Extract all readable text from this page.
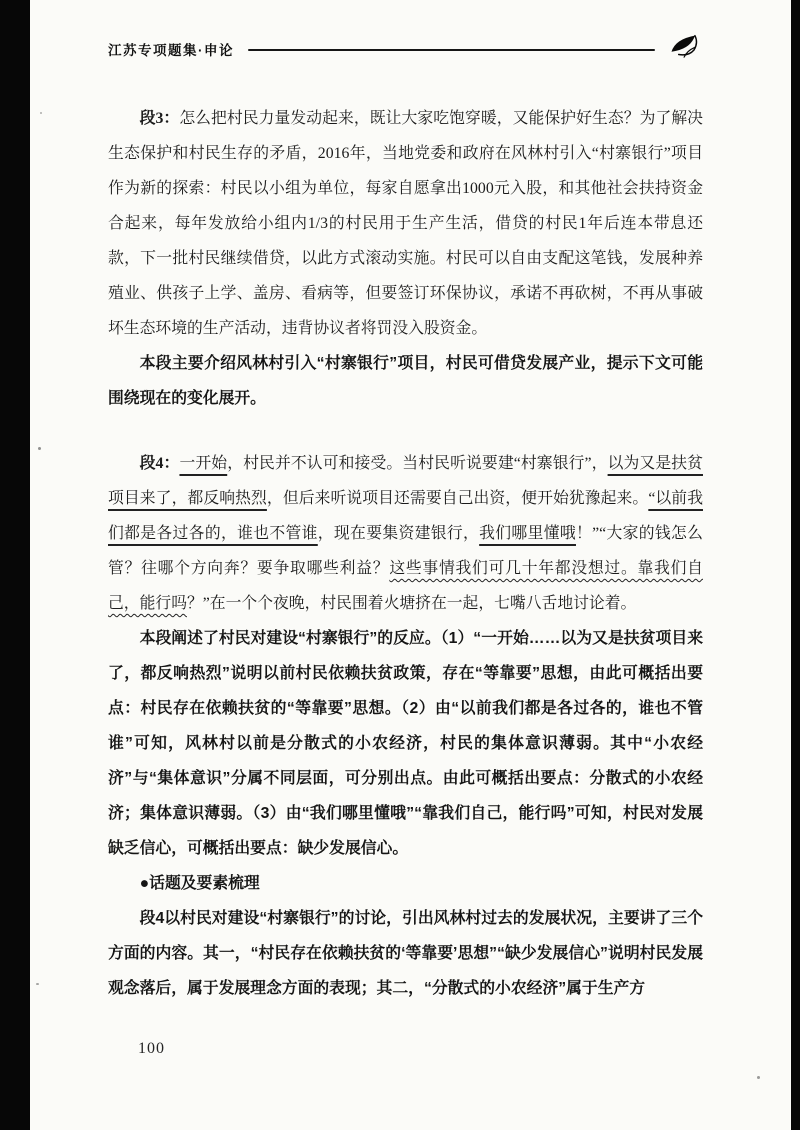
江苏专项题集·申论

段3：怎么把村民力量发动起来，既让大家吃饱穿暖，又能保护好生态？为了解决生态保护和村民生存的矛盾，2016年，当地党委和政府在风林村引入“村寨银行”项目作为新的探索：村民以小组为单位，每家自愿拿出1000元入股，和其他社会扶持资金合起来，每年发放给小组内1/3的村民用于生产生活，借贷的村民1年后连本带息还款，下一批村民继续借贷，以此方式滚动实施。村民可以自由支配这笔钱，发展种养殖业、供孩子上学、盖房、看病等，但要签订环保协议，承诺不再砍树，不再从事破坏生态环境的生产活动，违背协议者将罚没入股资金。

本段主要介绍风林村引入“村寨银行”项目，村民可借贷发展产业，提示下文可能围绕现在的变化展开。

段4：一开始，村民并不认可和接受。当村民听说要建“村寨银行”，以为又是扶贫项目来了，都反响热烈，但后来听说项目还需要自己出资，便开始犹豫起来。“以前我们都是各过各的，谁也不管谁，现在要集资建银行，我们哪里懂哦！”“大家的钱怎么管？往哪个方向奔？要争取哪些利益？这些事情我们可几十年都没想过。靠我们自己，能行吗？”在一个个夜晚，村民围着火塘挤在一起，七嘴八舌地讨论着。

本段阐述了村民对建设“村寨银行”的反应。（1）“一开始……以为又是扶贫项目来了，都反响热烈”说明以前村民依赖扶贫政策，存在“等靠要”思想，由此可概括出要点：村民存在依赖扶贫的“等靠要”思想。（2）由“以前我们都是各过各的，谁也不管谁”可知，风林村以前是分散式的小农经济，村民的集体意识薄弱。其中“小农经济”与“集体意识”分属不同层面，可分别出点。由此可概括出要点：分散式的小农经济；集体意识薄弱。（3）由“我们哪里懂哦”“靠我们自己，能行吗”可知，村民对发展缺乏信心，可概括出要点：缺少发展信心。

●话题及要素梳理

段4以村民对建设“村寨银行”的讨论，引出风林村过去的发展状况，主要讲了三个方面的内容。其一，“村民存在依赖扶贫的‘等靠要’思想”“缺少发展信心”说明村民发展观念落后，属于发展理念方面的表现；其二，“分散式的小农经济”属于生产方

100
